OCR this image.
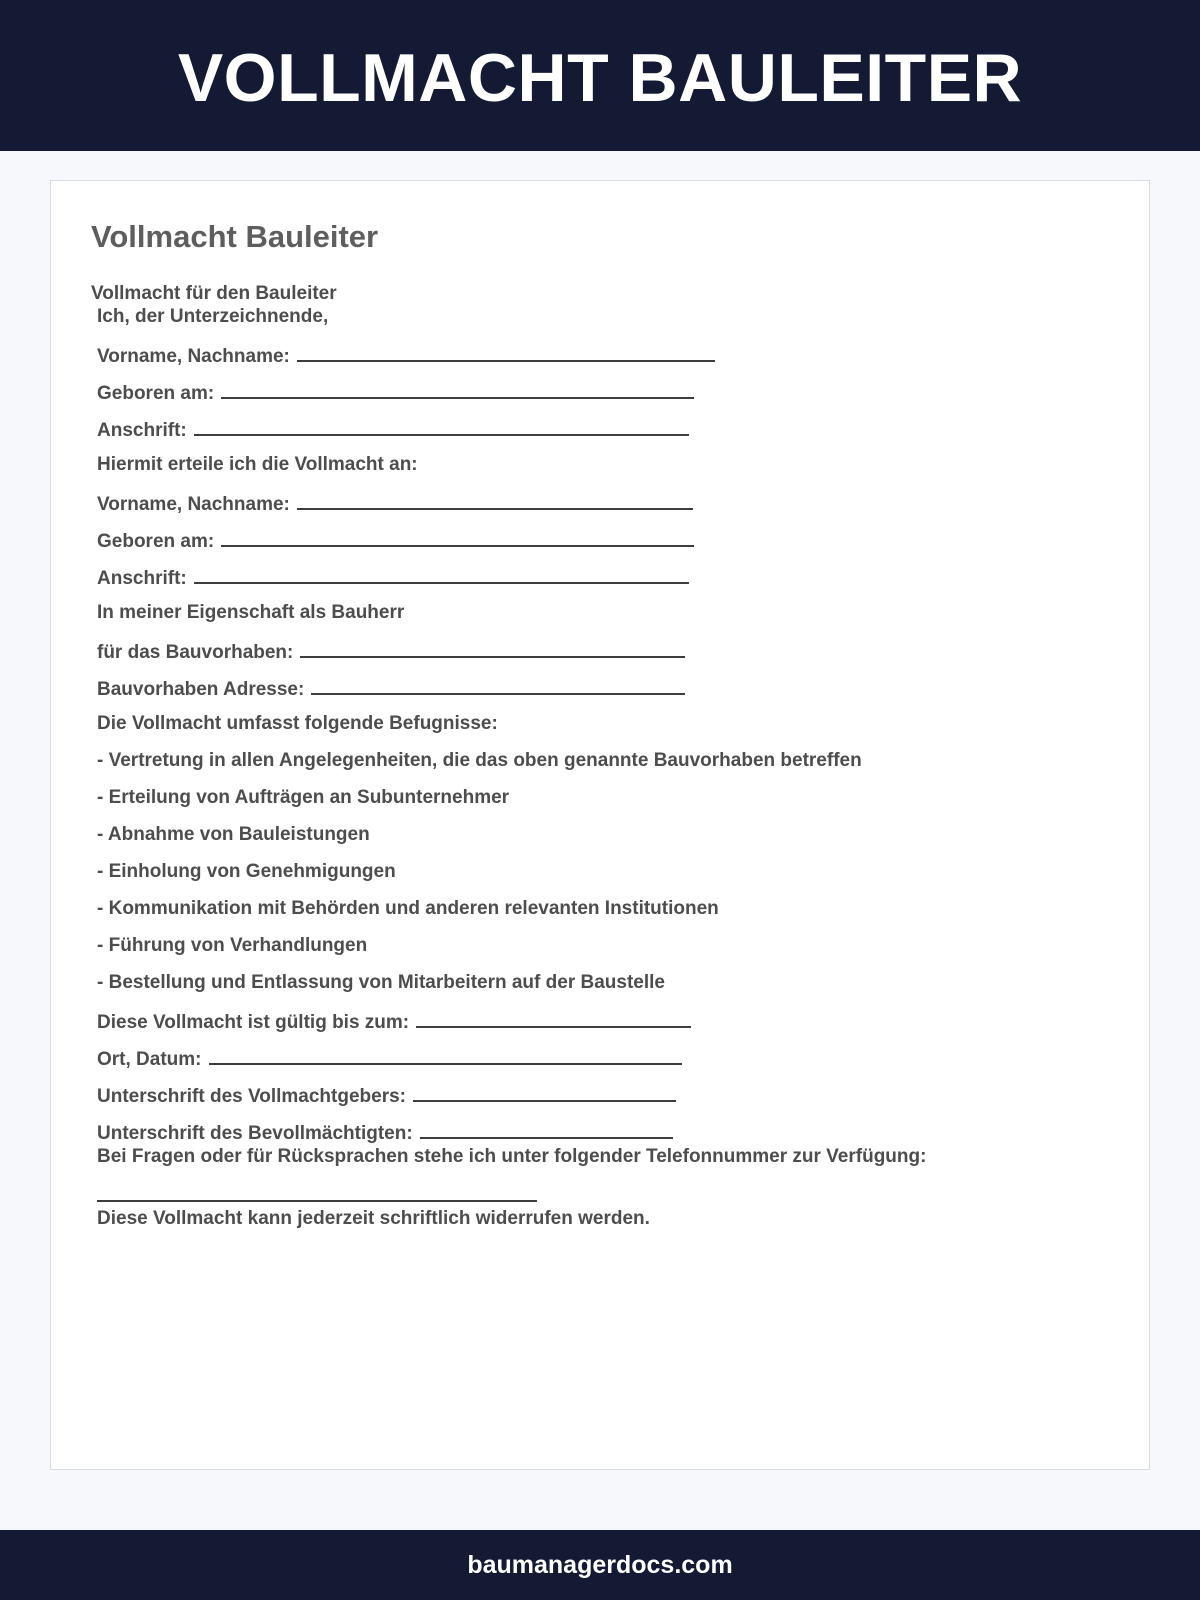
VOLLMACHT BAULEITER
Vollmacht Bauleiter

Vollmacht für den Bauleiter

Ich, der Unterzeichnende,

Vorname, Nachname:

Geboren am:

Anschrift:

Hiermit erteile ich die Vollmacht an:

Vorname, Nachname:

Geboren am:

Anschrift:

In meiner Eigenschaft als Bauherr

für das Bauvorhaben:

Bauvorhaben Adresse:

Die Vollmacht umfasst folgende Befugnisse:

- Vertretung in allen Angelegenheiten, die das oben genannte Bauvorhaben betreffen

- Erteilung von Aufträgen an Subunternehmer

- Abnahme von Bauleistungen

- Einholung von Genehmigungen

- Kommunikation mit Behörden und anderen relevanten Institutionen

- Führung von Verhandlungen

- Bestellung und Entlassung von Mitarbeitern auf der Baustelle

Diese Vollmacht ist gültig bis zum:

Ort, Datum:

Unterschrift des Vollmachtgebers:

Unterschrift des Bevollmächtigten:

Bei Fragen oder für Rücksprachen stehe ich unter folgender Telefonnummer zur Verfügung:

Diese Vollmacht kann jederzeit schriftlich widerrufen werden.

baumanagerdocs.com
